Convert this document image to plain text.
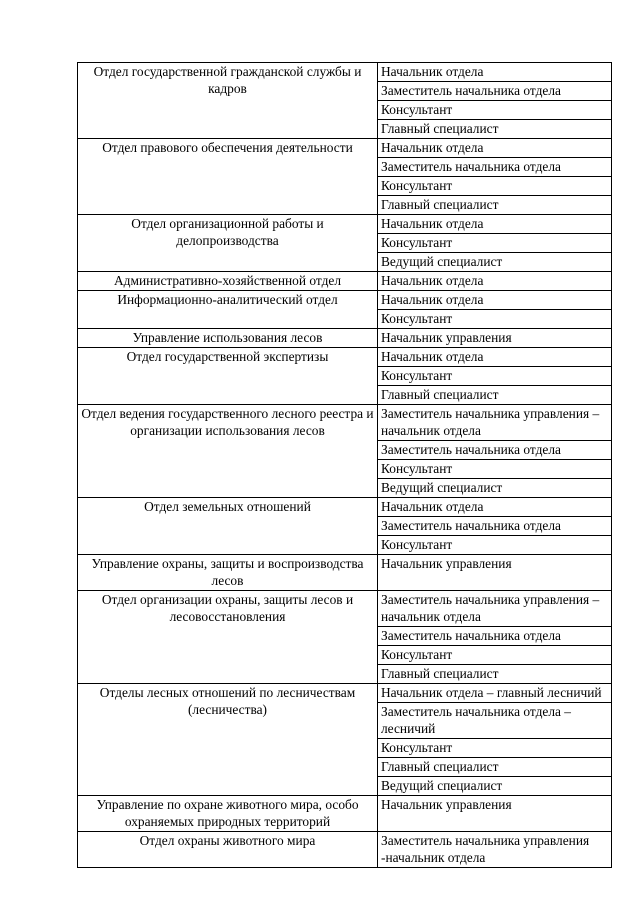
Отдел государственной гражданской службы и кадров	Начальник отдела
	Заместитель начальника отдела
	Консультант
	Главный специалист
Отдел правового обеспечения деятельности	Начальник отдела
	Заместитель начальника отдела
	Консультант
	Главный специалист
Отдел организационной работы и делопроизводства	Начальник отдела
	Консультант
	Ведущий специалист
Административно-хозяйственной отдел	Начальник отдела
Информационно-аналитический отдел	Начальник отдела
	Консультант
Управление использования лесов	Начальник управления
Отдел государственной экспертизы	Начальник отдела
	Консультант
	Главный специалист
Отдел ведения государственного лесного реестра и организации использования лесов	Заместитель начальника управления – начальник отдела
	Заместитель начальника отдела
	Консультант
	Ведущий специалист
Отдел земельных отношений	Начальник отдела
	Заместитель начальника отдела
	Консультант
Управление охраны, защиты и воспроизводства лесов	Начальник управления
Отдел организации охраны, защиты лесов и лесовосстановления	Заместитель начальника управления – начальник отдела
	Заместитель начальника отдела
	Консультант
	Главный специалист
Отделы лесных отношений по лесничествам (лесничества)	Начальник отдела – главный лесничий
	Заместитель начальника отдела – лесничий
	Консультант
	Главный специалист
	Ведущий специалист
Управление по охране животного мира, особо охраняемых природных территорий	Начальник управления
Отдел охраны животного мира	Заместитель начальника управления -начальник отдела
